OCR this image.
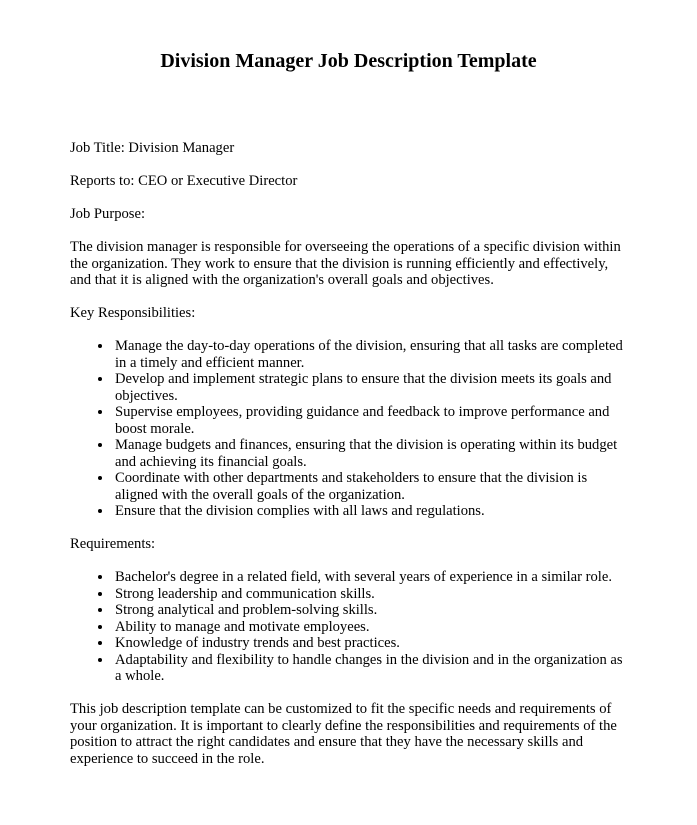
Division Manager Job Description Template

Job Title: Division Manager

Reports to: CEO or Executive Director

Job Purpose:

The division manager is responsible for overseeing the operations of a specific division within the organization. They work to ensure that the division is running efficiently and effectively, and that it is aligned with the organization's overall goals and objectives.

Key Responsibilities:

• Manage the day-to-day operations of the division, ensuring that all tasks are completed in a timely and efficient manner.
• Develop and implement strategic plans to ensure that the division meets its goals and objectives.
• Supervise employees, providing guidance and feedback to improve performance and boost morale.
• Manage budgets and finances, ensuring that the division is operating within its budget and achieving its financial goals.
• Coordinate with other departments and stakeholders to ensure that the division is aligned with the overall goals of the organization.
• Ensure that the division complies with all laws and regulations.

Requirements:

• Bachelor's degree in a related field, with several years of experience in a similar role.
• Strong leadership and communication skills.
• Strong analytical and problem-solving skills.
• Ability to manage and motivate employees.
• Knowledge of industry trends and best practices.
• Adaptability and flexibility to handle changes in the division and in the organization as a whole.

This job description template can be customized to fit the specific needs and requirements of your organization. It is important to clearly define the responsibilities and requirements of the position to attract the right candidates and ensure that they have the necessary skills and experience to succeed in the role.
